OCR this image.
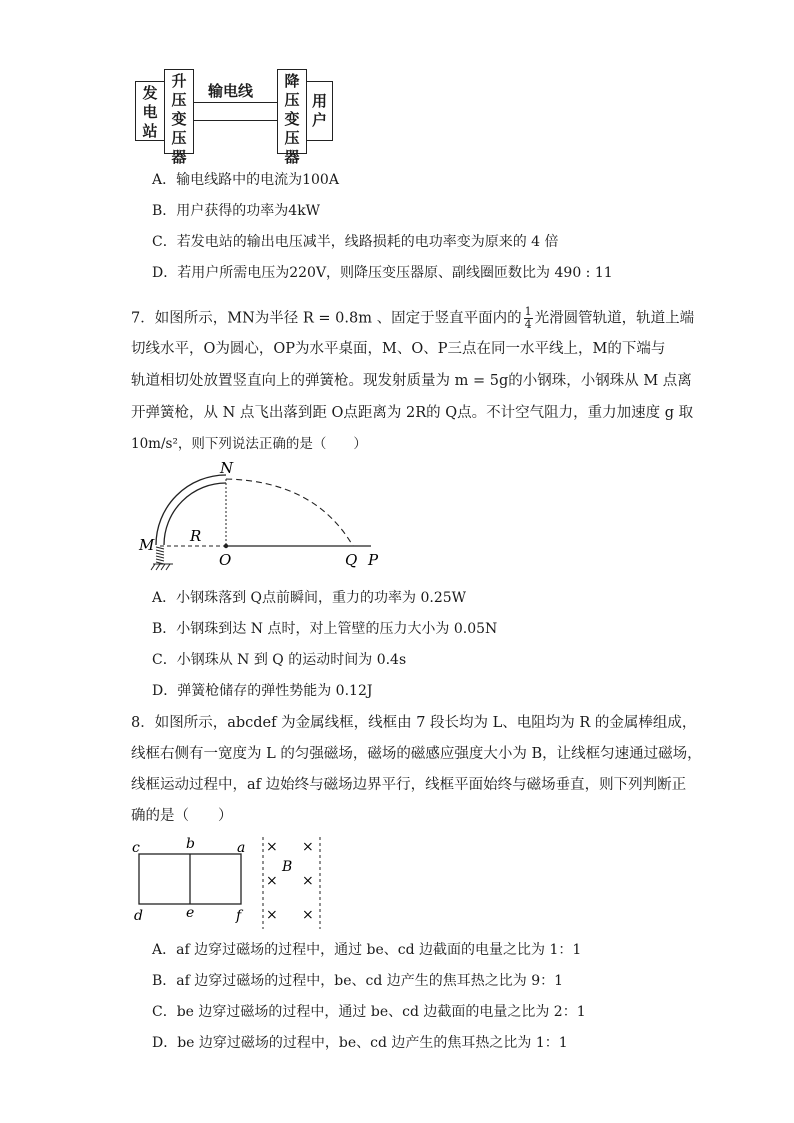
发电站
升压变压器
输电线
降压变压器
用户
A．输电线路中的电流为100A
B．用户获得的功率为4kW
C．若发电站的输出电压减半，线路损耗的电功率变为原来的 4 倍
D．若用户所需电压为220V，则降压变压器原、副线圈匝数比为 490 : 11
7．如图所示，MN为半径 R = 0.8m 、固定于竖直平面内的 $\frac{1}{4}$ 光滑圆管轨道，轨道上端
切线水平，O为圆心，OP为水平桌面，M、O、P三点在同一水平线上，M的下端与
轨道相切处放置竖直向上的弹簧枪。现发射质量为 m = 5g的小钢珠，小钢珠从 M 点离
开弹簧枪，从 N 点飞出落到距 O点距离为 2R的 Q点。不计空气阻力，重力加速度 g 取
10m/s²，则下列说法正确的是（　　）
N
M R
O	Q P
A．小钢珠落到 Q点前瞬间，重力的功率为 0.25W
B．小钢珠到达 N 点时，对上管壁的压力大小为 0.05N
C．小钢珠从 N 到 Q 的运动时间为 0.4s
D．弹簧枪储存的弹性势能为 0.12J
8．如图所示，abcdef 为金属线框，线框由 7 段长均为 L、电阻均为 R 的金属棒组成，
线框右侧有一宽度为 L 的匀强磁场，磁场的磁感应强度大小为 B，让线框匀速通过磁场，
线框运动过程中，af 边始终与磁场边界平行，线框平面始终与磁场垂直，则下列判断正
确的是（　　）
c	b	a
d	e	f
B
× ×
× ×
× ×
A．af 边穿过磁场的过程中，通过 be、cd 边截面的电量之比为 1：1
B．af 边穿过磁场的过程中，be、cd 边产生的焦耳热之比为 9：1
C．be 边穿过磁场的过程中，通过 be、cd 边截面的电量之比为 2：1
D．be 边穿过磁场的过程中，be、cd 边产生的焦耳热之比为 1：1
